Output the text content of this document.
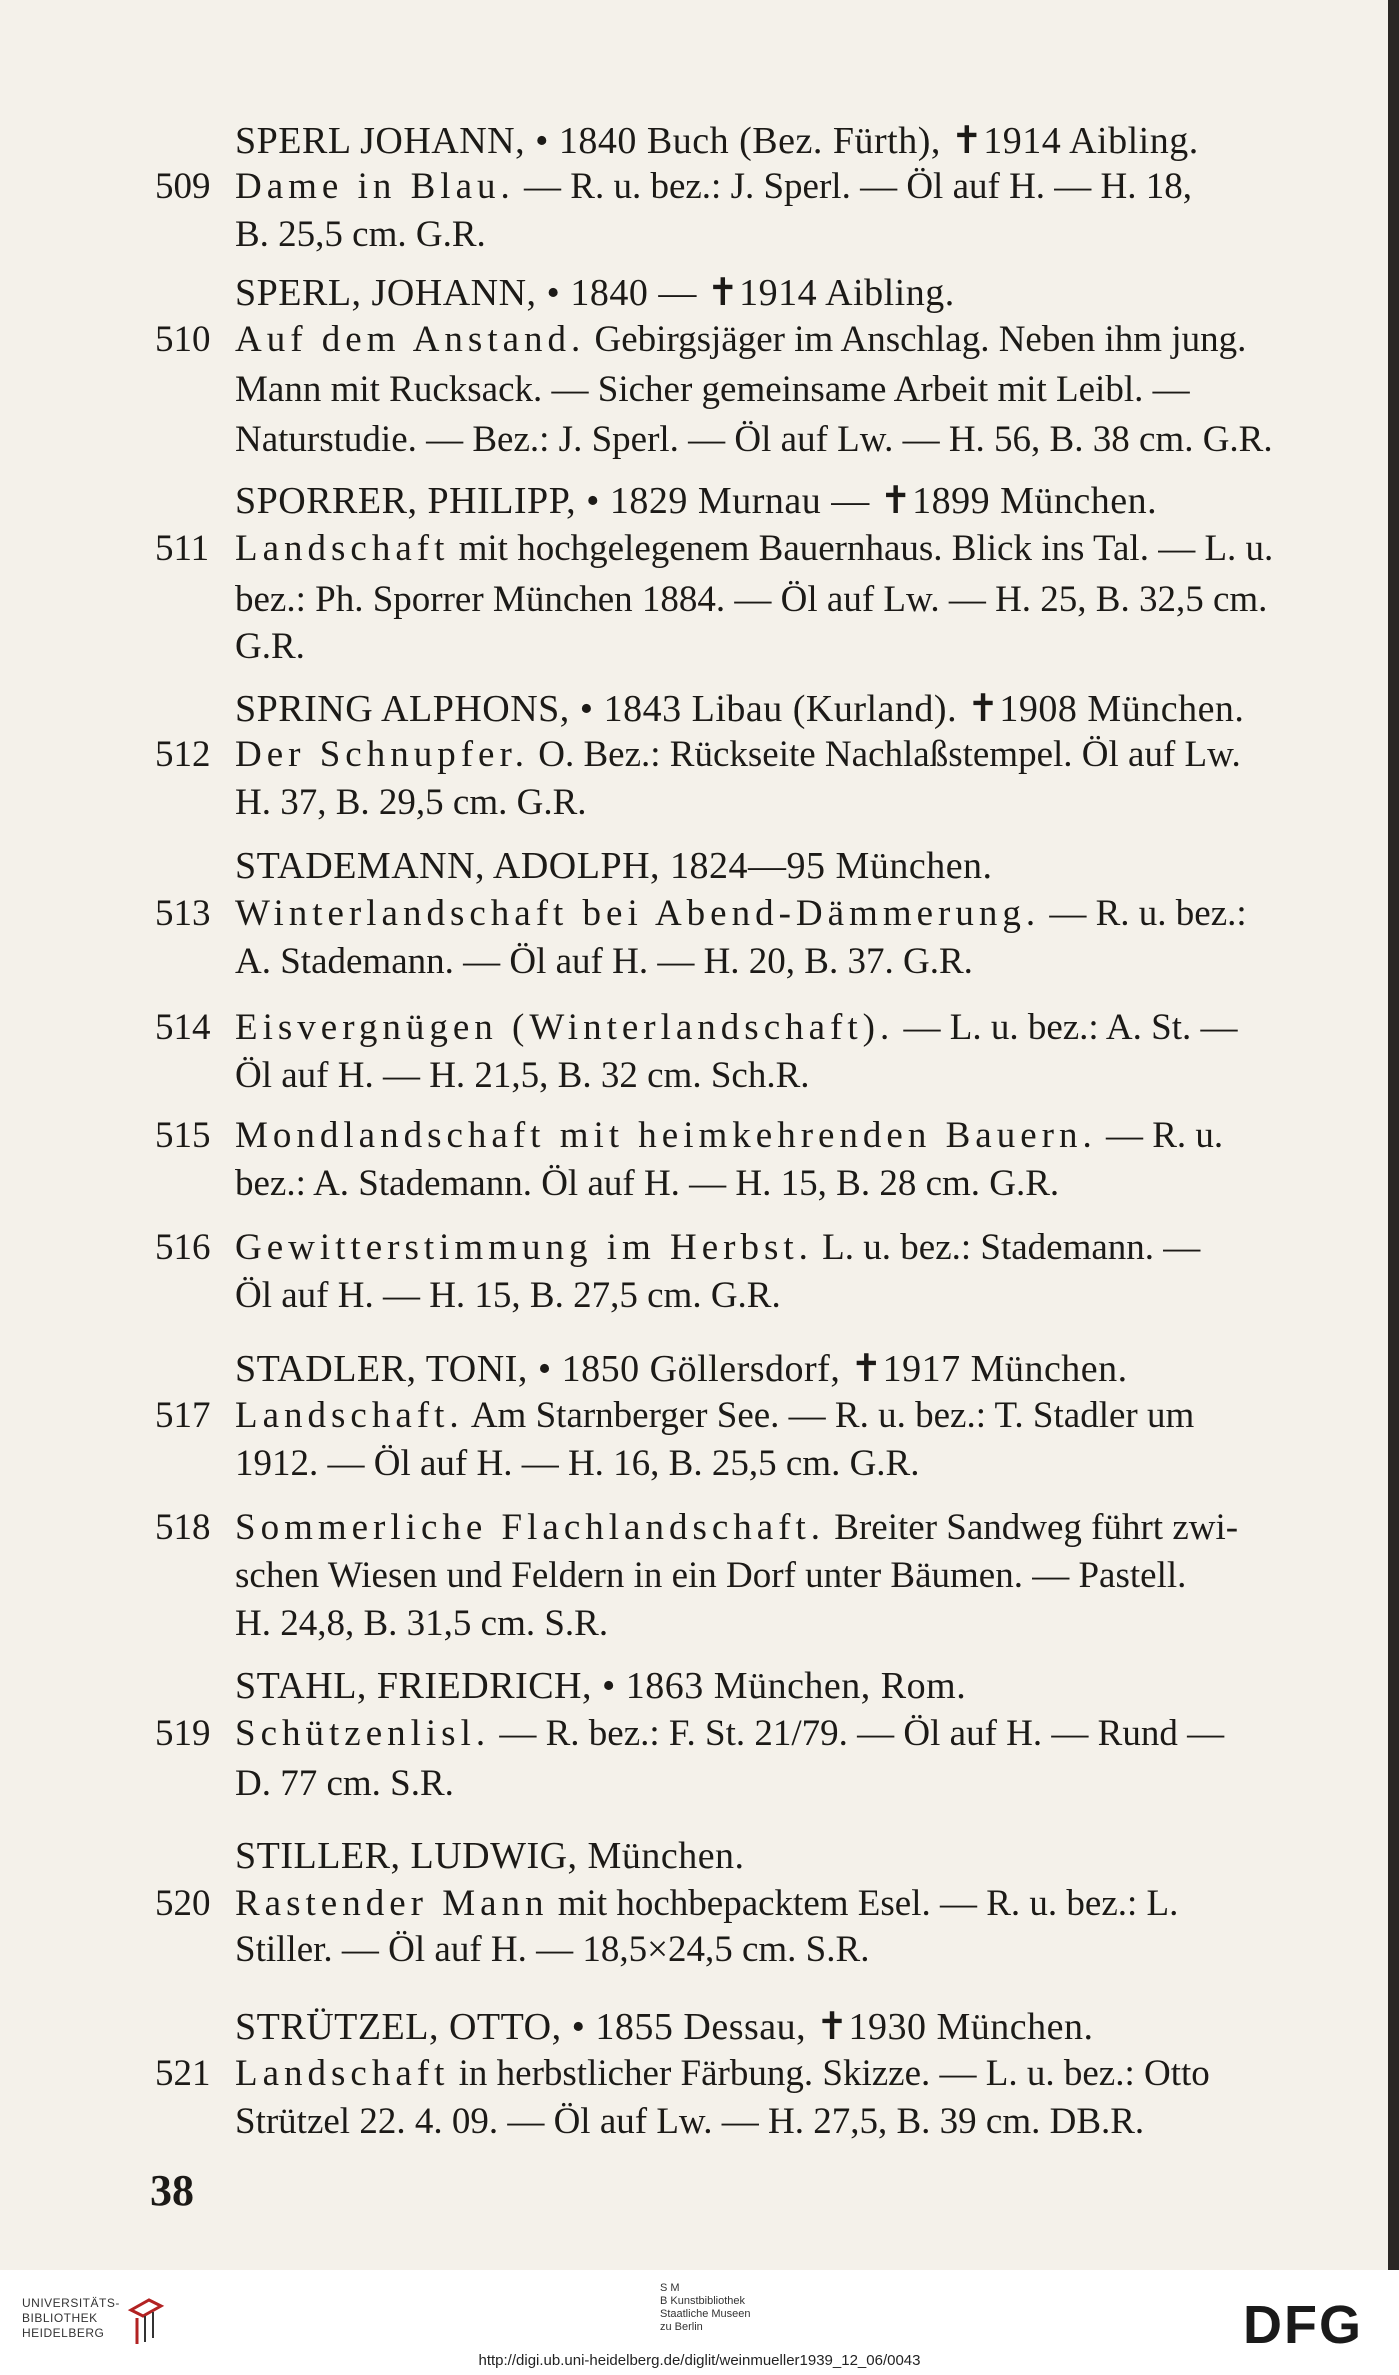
SPERL JOHANN, • 1840 Buch (Bez. Fürth), ✝1914 Aibling.
509 Dame in Blau. — R. u. bez.: J. Sperl. — Öl auf H. — H. 18,
B. 25,5 cm. G.R.
SPERL, JOHANN, • 1840 — ✝1914 Aibling.
510 Auf dem Anstand. Gebirgsjäger im Anschlag. Neben ihm jung.
Mann mit Rucksack. — Sicher gemeinsame Arbeit mit Leibl. —
Naturstudie. — Bez.: J. Sperl. — Öl auf Lw. — H. 56, B. 38 cm. G.R.
SPORRER, PHILIPP, • 1829 Murnau — ✝1899 München.
511 Landschaft mit hochgelegenem Bauernhaus. Blick ins Tal. — L. u.
bez.: Ph. Sporrer München 1884. — Öl auf Lw. — H. 25, B. 32,5 cm.
G.R.
SPRING ALPHONS, • 1843 Libau (Kurland). ✝1908 München.
512 Der Schnupfer. O. Bez.: Rückseite Nachlaßstempel. Öl auf Lw.
H. 37, B. 29,5 cm. G.R.
STADEMANN, ADOLPH, 1824—95 München.
513 Winterlandschaft bei Abend-Dämmerung. — R. u. bez.:
A. Stademann. — Öl auf H. — H. 20, B. 37. G.R.
514 Eisvergnügen (Winterlandschaft). — L. u. bez.: A. St. —
Öl auf H. — H. 21,5, B. 32 cm. Sch.R.
515 Mondlandschaft mit heimkehrenden Bauern. — R. u.
bez.: A. Stademann. Öl auf H. — H. 15, B. 28 cm. G.R.
516 Gewitterstimmung im Herbst. L. u. bez.: Stademann. —
Öl auf H. — H. 15, B. 27,5 cm. G.R.
STADLER, TONI, • 1850 Göllersdorf, ✝1917 München.
517 Landschaft. Am Starnberger See. — R. u. bez.: T. Stadler um
1912. — Öl auf H. — H. 16, B. 25,5 cm. G.R.
518 Sommerliche Flachlandschaft. Breiter Sandweg führt zwi-
schen Wiesen und Feldern in ein Dorf unter Bäumen. — Pastell.
H. 24,8, B. 31,5 cm. S.R.
STAHL, FRIEDRICH, • 1863 München, Rom.
519 Schützenlisl. — R. bez.: F. St. 21/79. — Öl auf H. — Rund —
D. 77 cm. S.R.
STILLER, LUDWIG, München.
520 Rastender Mann mit hochbepacktem Esel. — R. u. bez.: L.
Stiller. — Öl auf H. — 18,5×24,5 cm. S.R.
STRÜTZEL, OTTO, • 1855 Dessau, ✝1930 München.
521 Landschaft in herbstlicher Färbung. Skizze. — L. u. bez.: Otto
Strützel 22. 4. 09. — Öl auf Lw. — H. 27,5, B. 39 cm. DB.R.
38
UNIVERSITÄTS-
BIBLIOTHEK
HEIDELBERG
S M
B Kunstbibliothek
Staatliche Museen
zu Berlin	DFG
http://digi.ub.uni-heidelberg.de/diglit/weinmueller1939_12_06/0043
